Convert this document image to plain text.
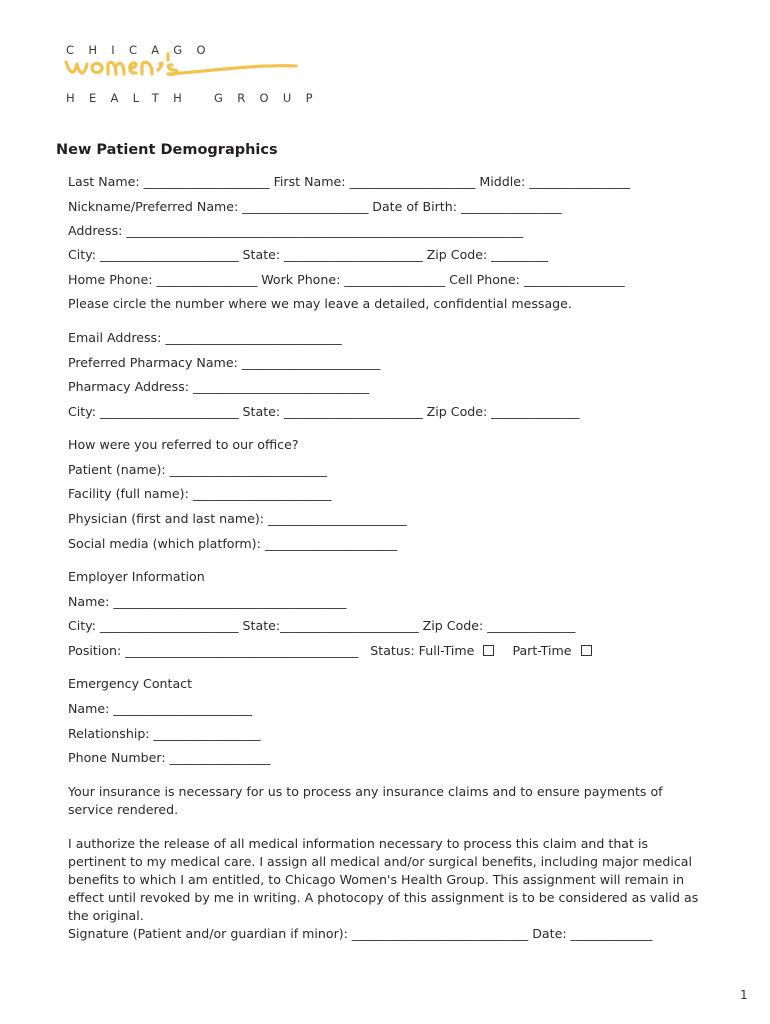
CHICAGO
HEALTH GROUP
New Patient Demographics
Last Name: ____________________ First Name: ____________________ Middle: ________________
Nickname/Preferred Name: ____________________ Date of Birth: ________________
Address: _______________________________________________________________
City: ______________________ State: ______________________ Zip Code: _________
Home Phone: ________________ Work Phone: ________________ Cell Phone: ________________
Please circle the number where we may leave a detailed, confidential message.
Email Address: ____________________________
Preferred Pharmacy Name: ______________________
Pharmacy Address: ____________________________
City: ______________________ State: ______________________ Zip Code: ______________
How were you referred to our office?
Patient (name): _________________________
Facility (full name): ______________________
Physician (first and last name): ______________________
Social media (which platform): _____________________
Employer Information
Name: _____________________________________
City: ______________________ State:______________________ Zip Code: ______________
Position: _____________________________________ Status: Full-Time	Part-Time
Emergency Contact
Name: ______________________
Relationship: _________________
Phone Number: ________________
Your insurance is necessary for us to process any insurance claims and to ensure payments of service rendered.
I authorize the release of all medical information necessary to process this claim and that is pertinent to my medical care. I assign all medical and/or surgical benefits, including major medical benefits to which I am entitled, to Chicago Women's Health Group. This assignment will remain in effect until revoked by me in writing. A photocopy of this assignment is to be considered as valid as the original.
Signature (Patient and/or guardian if minor): ____________________________ Date: _____________
1
